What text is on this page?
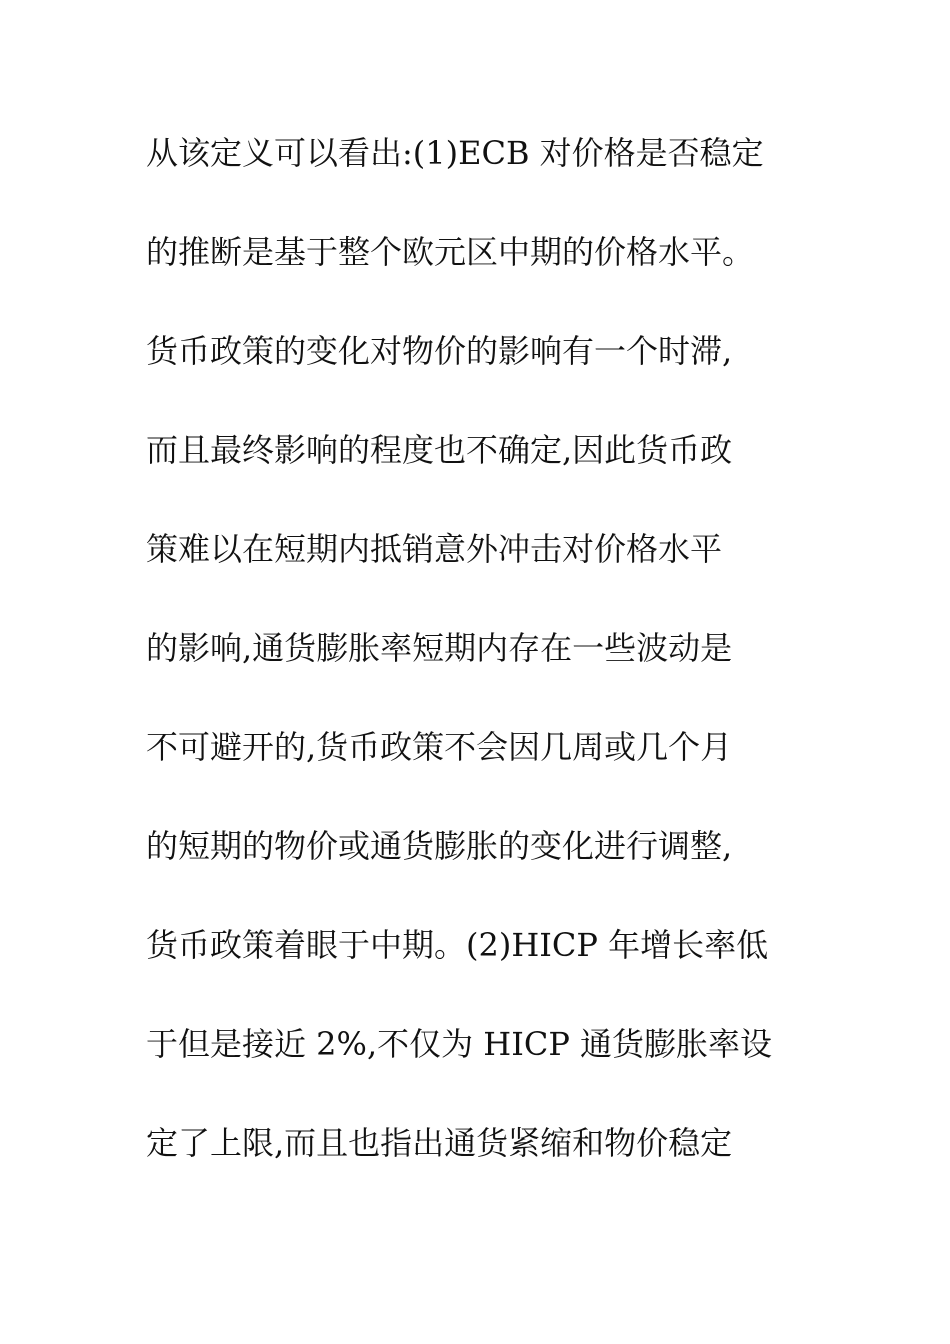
从该定义可以看出:(1)ECB 对价格是否稳定
的推断是基于整个欧元区中期的价格水平。
货币政策的变化对物价的影响有一个时滞,
而且最终影响的程度也不确定,因此货币政
策难以在短期内抵销意外冲击对价格水平
的影响,通货膨胀率短期内存在一些波动是
不可避开的,货币政策不会因几周或几个月
的短期的物价或通货膨胀的变化进行调整,
货币政策着眼于中期。(2)HICP 年增长率低
于但是接近 2%,不仅为 HICP 通货膨胀率设
定了上限,而且也指出通货紧缩和物价稳定
